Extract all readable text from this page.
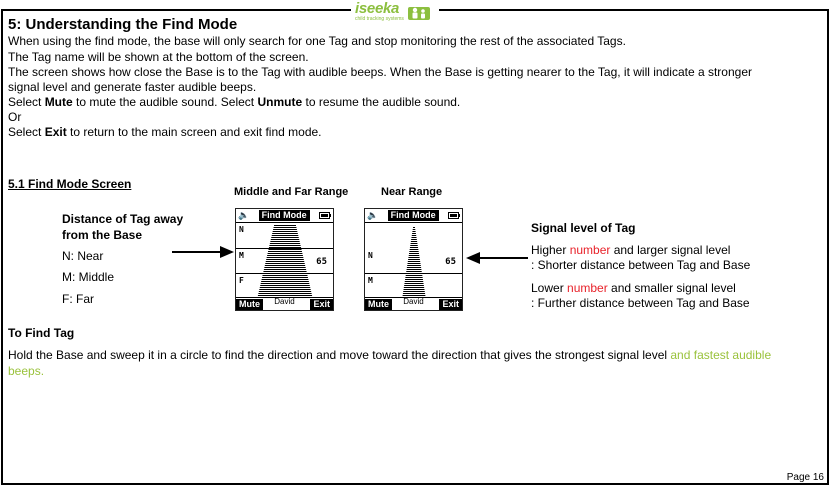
iseeka
child tracking systems
5: Understanding the Find Mode
When using the find mode, the base will only search for one Tag and stop monitoring the rest of the associated Tags.
The Tag name will be shown at the bottom of the screen.
The screen shows how close the Base is to the Tag with audible beeps. When the Base is getting nearer to the Tag, it will indicate a stronger
signal level and generate faster audible beeps.
Select Mute to mute the audible sound. Select Unmute to resume the audible sound.
Or
Select Exit to return to the main screen and exit find mode.
5.1 Find Mode Screen
Middle and Far Range	Near Range
Distance of Tag away
from the Base
N: Near
M: Middle
F: Far
🔈	Find Mode
N
M
F
65
David
Mute	Exit
🔈	Find Mode
N
M
65
David
Mute	Exit
Signal level of Tag
Higher number and larger signal level
: Shorter distance between Tag and Base
Lower number and smaller signal level
: Further distance between Tag and Base
To Find Tag
Hold the Base and sweep it in a circle to find the direction and move toward the direction that gives the strongest signal level and fastest audible
beeps.
Page 16
